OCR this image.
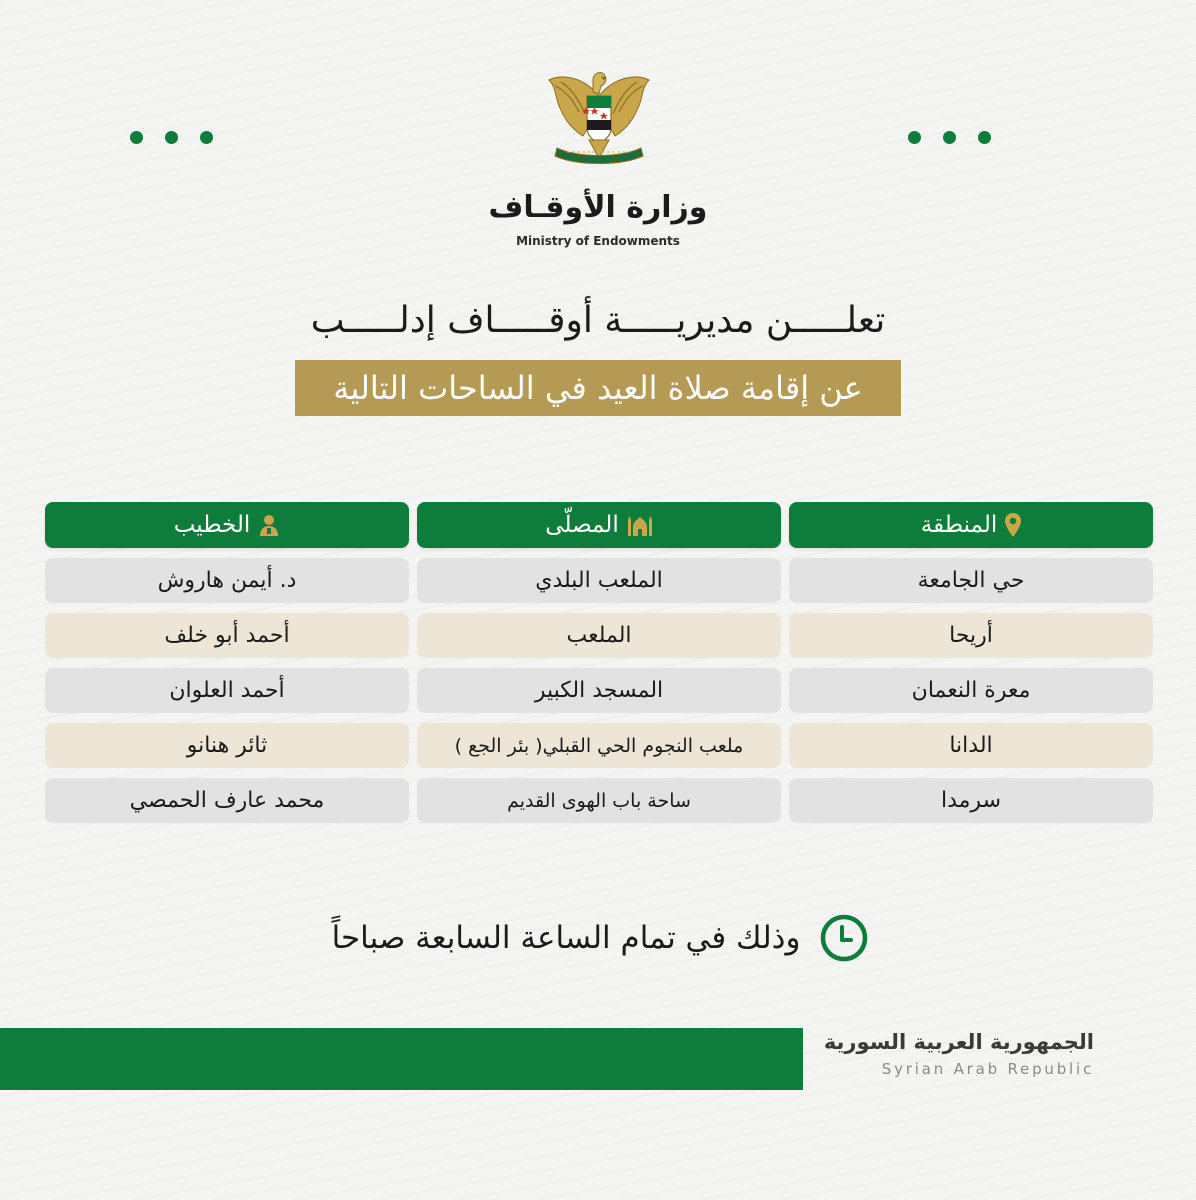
وزارة الأوقـاف
Ministry of Endowments
تعلـــــن مديريـــــة أوقـــــاف إدلـــــب
عن إقامة صلاة العيد في الساحات التالية
المنطقة
المصلّى
الخطيب
حي الجامعة
الملعب البلدي
د. أيمن هاروش
أريحا
الملعب
أحمد أبو خلف
معرة النعمان
المسجد الكبير
أحمد العلوان
الدانا
ملعب النجوم الحي القبلي( بئر الجع )
ثائر هنانو
سرمدا
ساحة باب الهوى القديم
محمد عارف الحمصي
وذلك في تمام الساعة السابعة صباحاً
الجمهورية العربية السورية
Syrian Arab Republic
